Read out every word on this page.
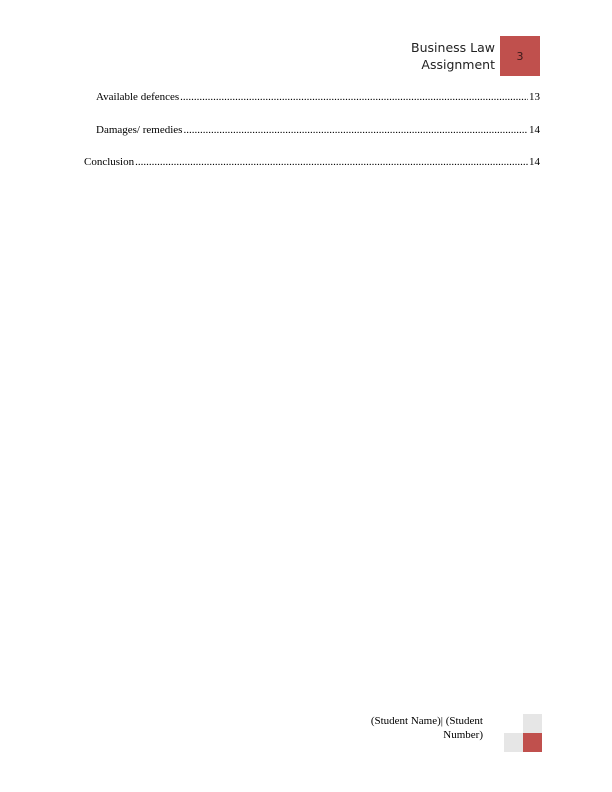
Business Law
Assignment
3
Available defences .....	13
Damages/ remedies .....	14
Conclusion .....	14
(Student Name)| (Student
Number)
